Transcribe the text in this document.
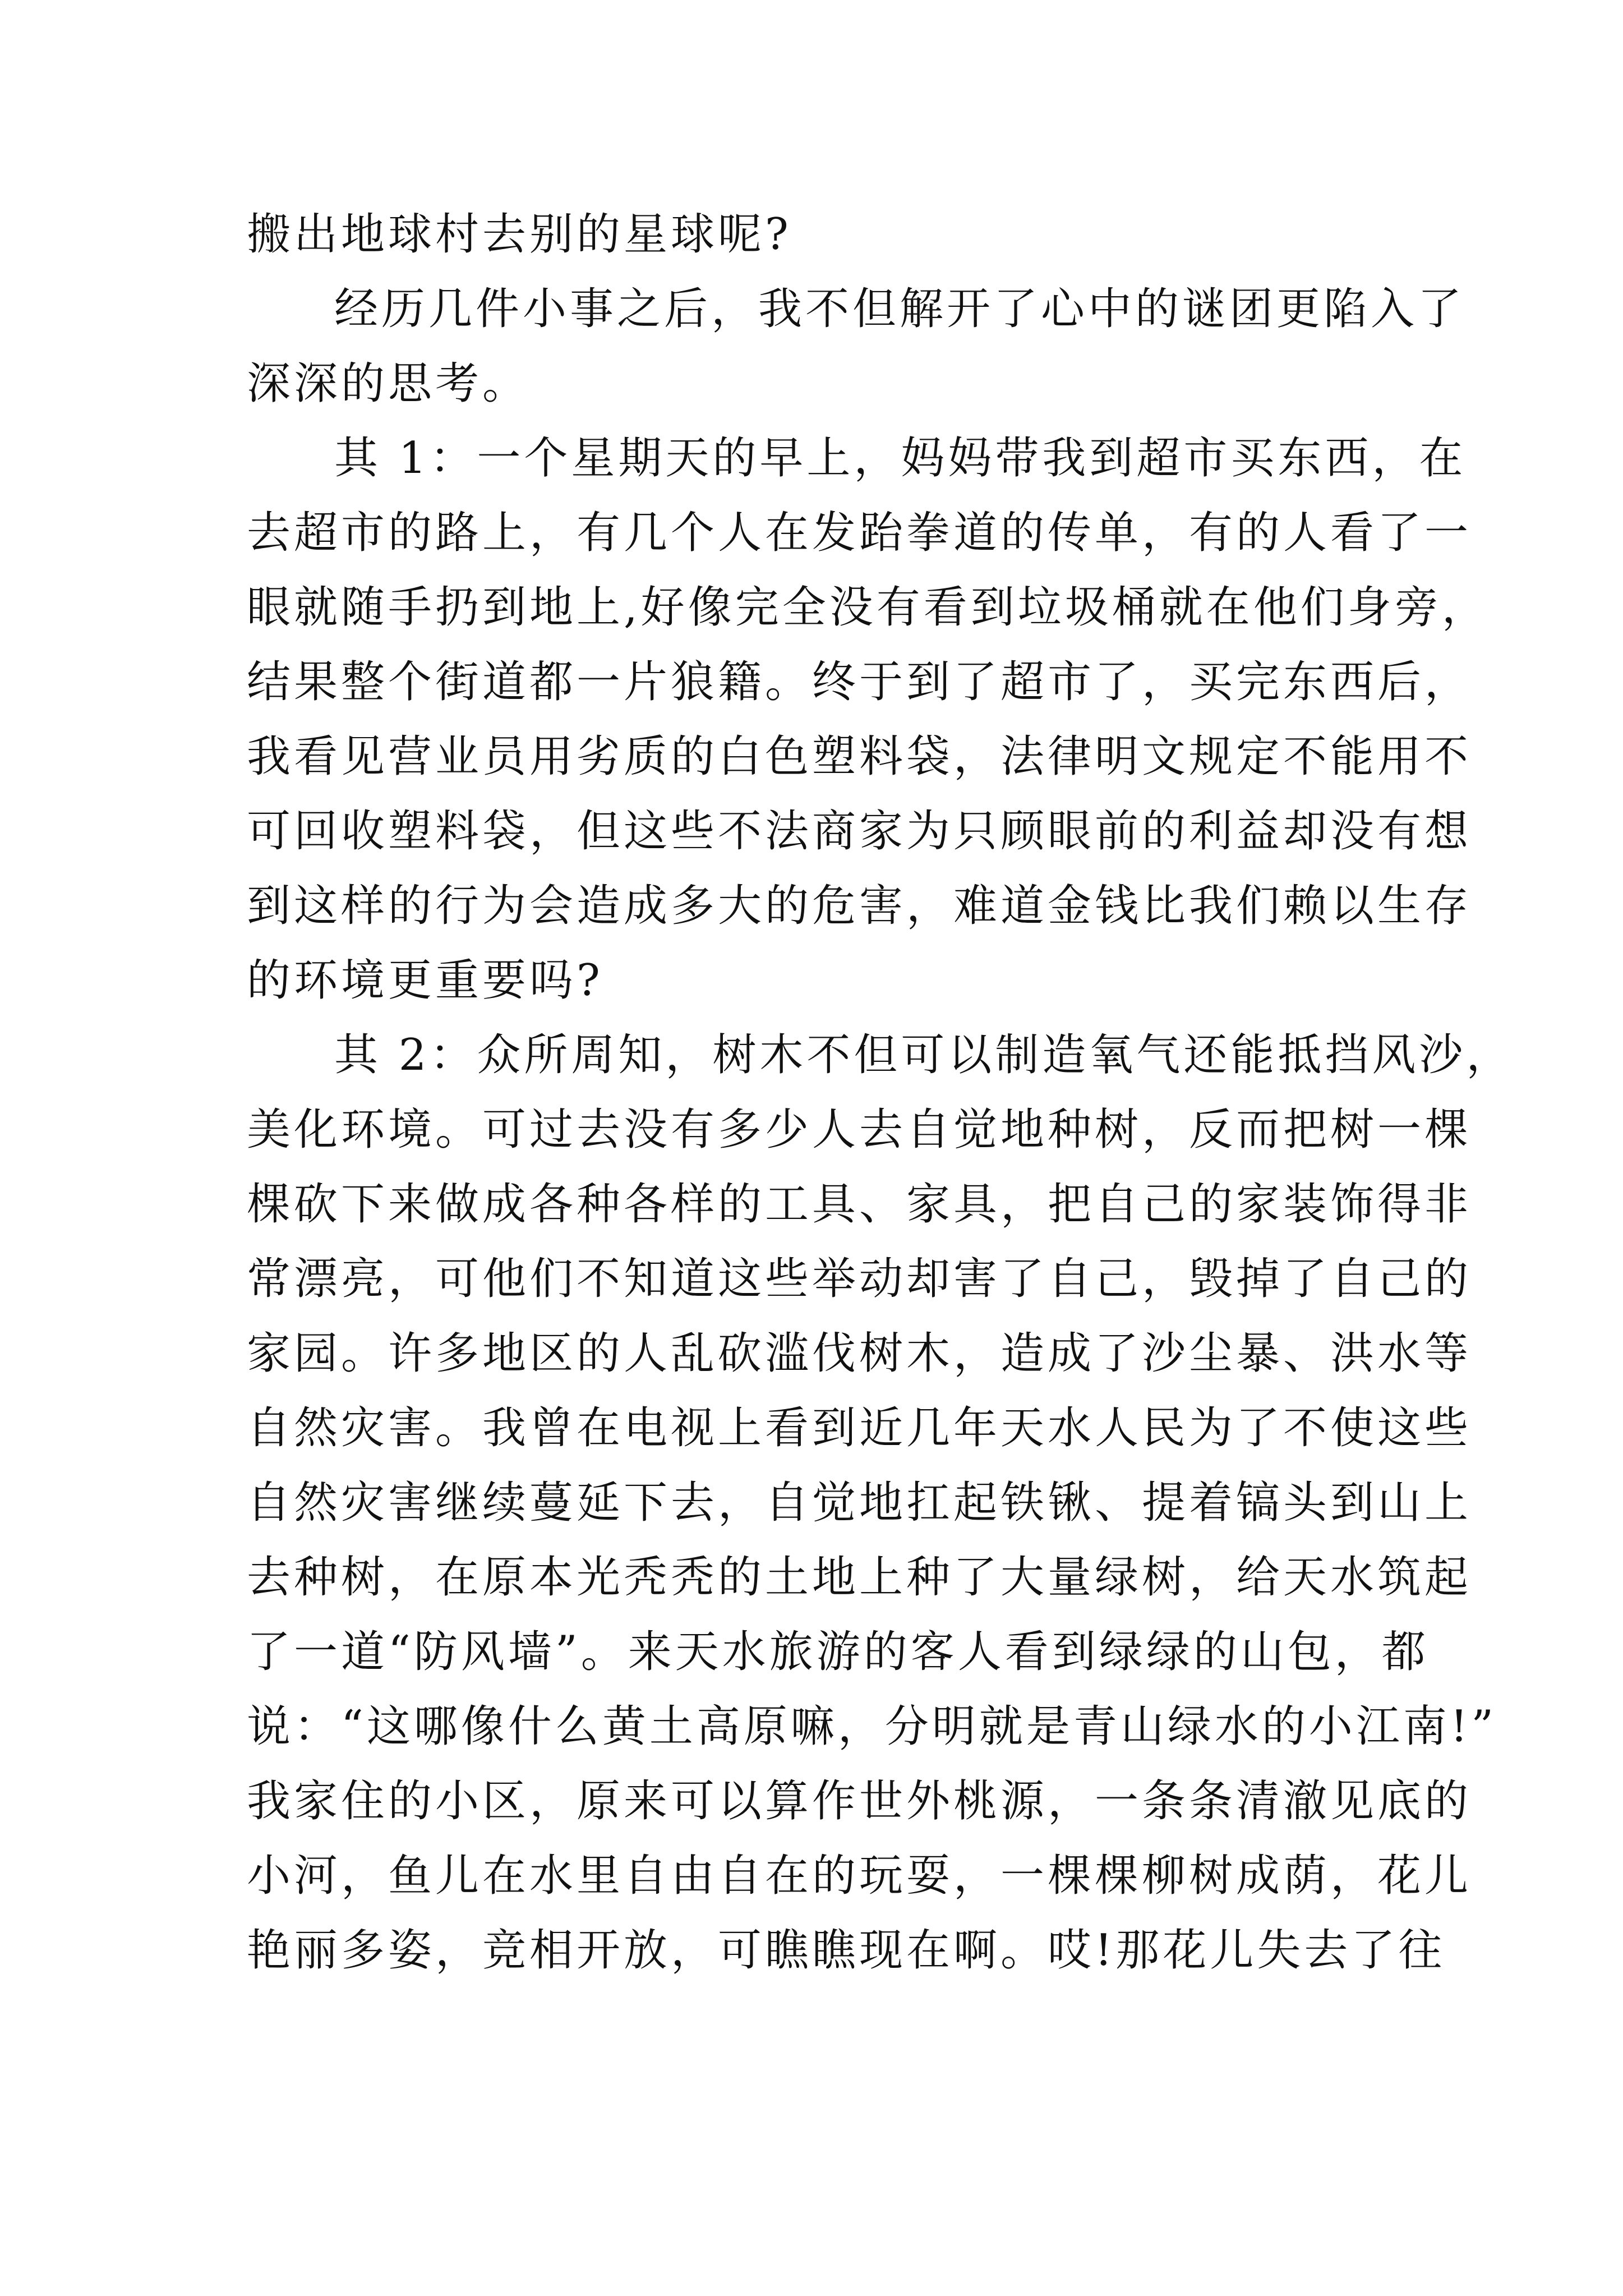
搬出地球村去别的星球呢?
经历几件小事之后，我不但解开了心中的谜团更陷入了
深深的思考。
其 1：一个星期天的早上，妈妈带我到超市买东西，在
去超市的路上，有几个人在发跆拳道的传单，有的人看了一
眼就随手扔到地上,好像完全没有看到垃圾桶就在他们身旁，
结果整个街道都一片狼籍。终于到了超市了，买完东西后，
我看见营业员用劣质的白色塑料袋，法律明文规定不能用不
可回收塑料袋，但这些不法商家为只顾眼前的利益却没有想
到这样的行为会造成多大的危害，难道金钱比我们赖以生存
的环境更重要吗?
其 2：众所周知，树木不但可以制造氧气还能抵挡风沙，
美化环境。可过去没有多少人去自觉地种树，反而把树一棵
棵砍下来做成各种各样的工具、家具，把自己的家装饰得非
常漂亮，可他们不知道这些举动却害了自己，毁掉了自己的
家园。许多地区的人乱砍滥伐树木，造成了沙尘暴、洪水等
自然灾害。我曾在电视上看到近几年天水人民为了不使这些
自然灾害继续蔓延下去，自觉地扛起铁锹、提着镐头到山上
去种树，在原本光秃秃的土地上种了大量绿树，给天水筑起
了一道“防风墙”。来天水旅游的客人看到绿绿的山包，都
说：“这哪像什么黄土高原嘛，分明就是青山绿水的小江南!”
我家住的小区，原来可以算作世外桃源，一条条清澈见底的
小河，鱼儿在水里自由自在的玩耍，一棵棵柳树成荫，花儿
艳丽多姿，竞相开放，可瞧瞧现在啊。哎!那花儿失去了往
